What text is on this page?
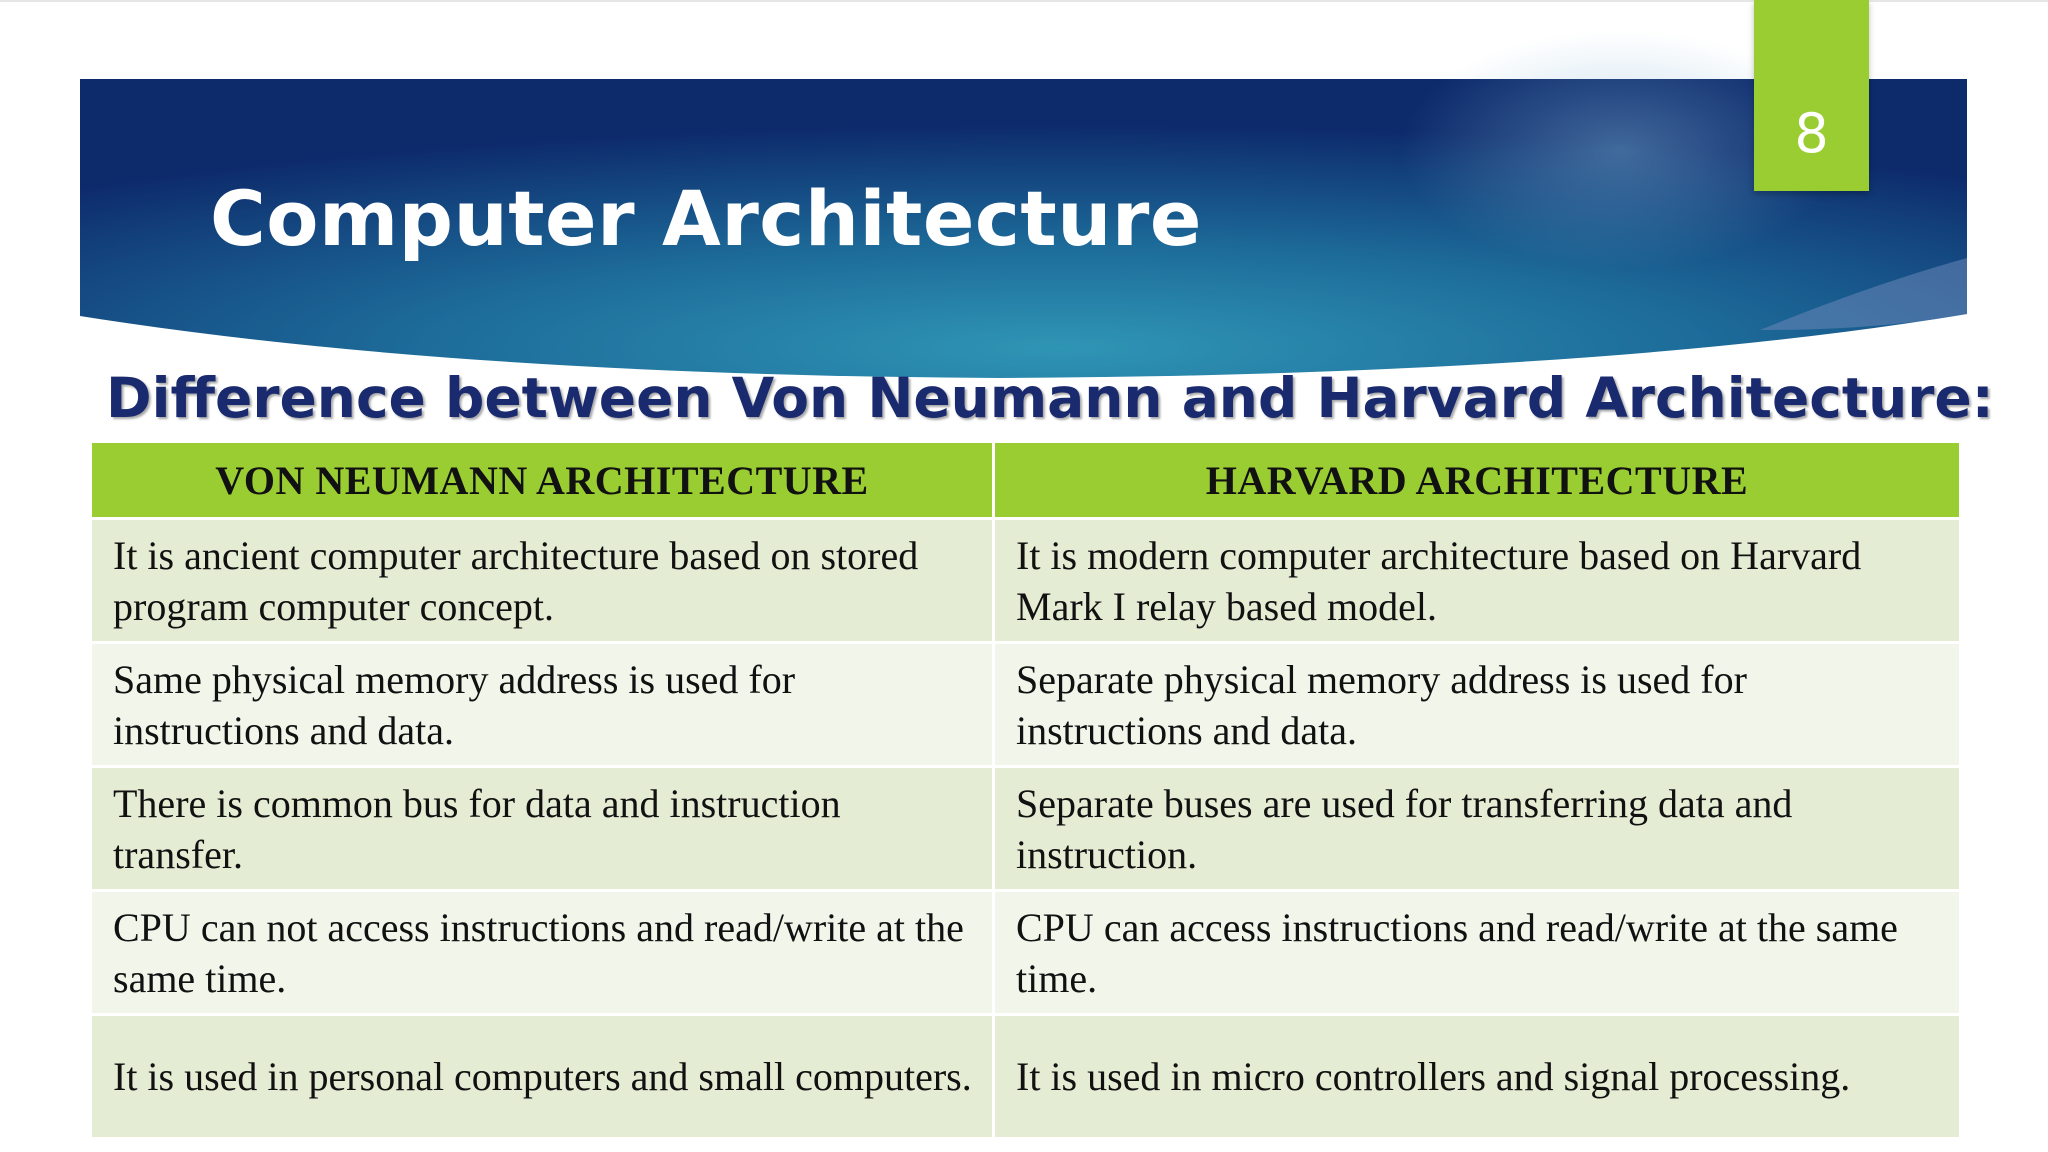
8
Computer Architecture
Difference between Von Neumann and Harvard Architecture:
VON NEUMANN ARCHITECTURE	HARVARD ARCHITECTURE
It is ancient computer architecture based on stored program computer concept.	It is modern computer architecture based on Harvard Mark I relay based model.
Same physical memory address is used for instructions and data.	Separate physical memory address is used for instructions and data.
There is common bus for data and instruction transfer.	Separate buses are used for transferring data and instruction.
CPU can not access instructions and read/write at the same time.	CPU can access instructions and read/write at the same time.
It is used in personal computers and small computers.	It is used in micro controllers and signal processing.
